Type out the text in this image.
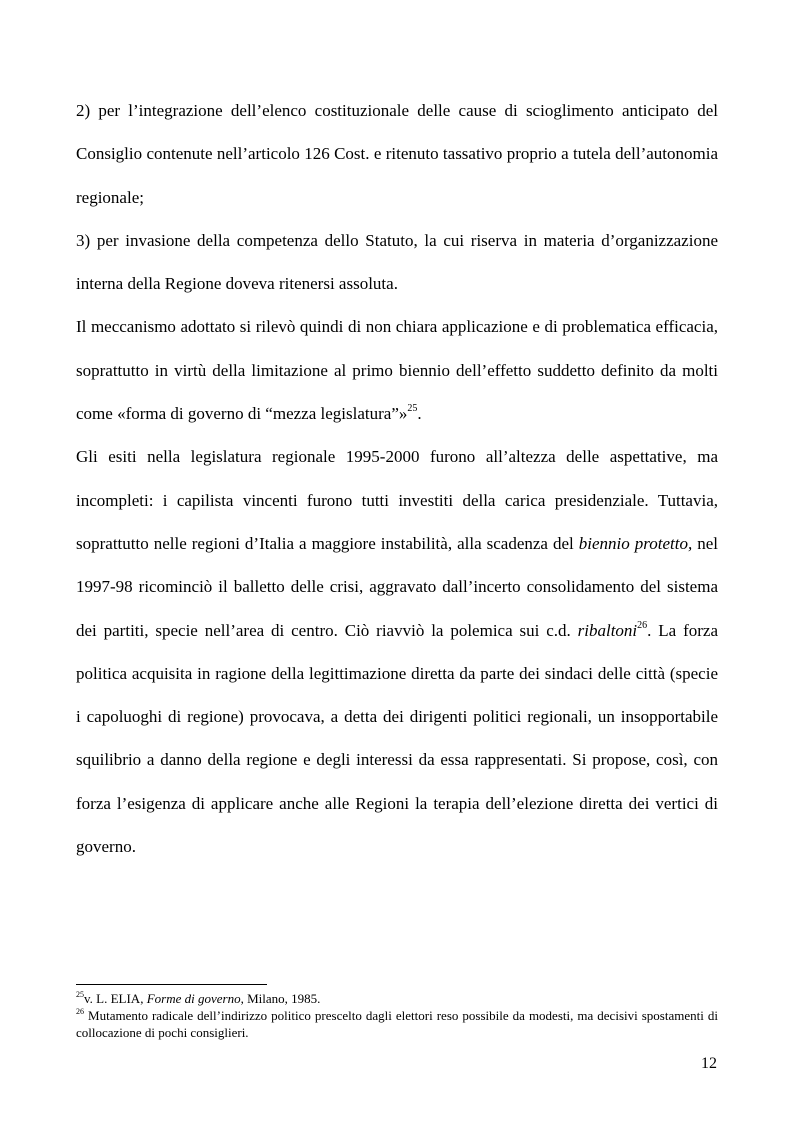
2) per l’integrazione dell’elenco costituzionale delle cause di scioglimento anticipato del Consiglio contenute nell’articolo 126 Cost. e ritenuto tassativo proprio a tutela dell’autonomia regionale;

3) per invasione della competenza dello Statuto, la cui riserva in materia d’organizzazione interna della Regione doveva ritenersi assoluta.

Il meccanismo adottato si rilevò quindi di non chiara applicazione e di problematica efficacia, soprattutto in virtù della limitazione al primo biennio dell’effetto suddetto definito da molti come «forma di governo di “mezza legislatura”»$^{25}$.

Gli esiti nella legislatura regionale 1995-2000 furono all’altezza delle aspettative, ma incompleti: i capilista vincenti furono tutti investiti della carica presidenziale. Tuttavia, soprattutto nelle regioni d’Italia a maggiore instabilità, alla scadenza del biennio protetto, nel 1997-98 ricominciò il balletto delle crisi, aggravato dall’incerto consolidamento del sistema dei partiti, specie nell’area di centro. Ciò riavviò la polemica sui c.d. ribaltoni$^{26}$. La forza politica acquisita in ragione della legittimazione diretta da parte dei sindaci delle città (specie i capoluoghi di regione) provocava, a detta dei dirigenti politici regionali, un insopportabile squilibrio a danno della regione e degli interessi da essa rappresentati. Si propose, così, con forza l’esigenza di applicare anche alle Regioni la terapia dell’elezione diretta dei vertici di governo.

$^{25}$v. L. ELIA, Forme di governo, Milano, 1985.

$^{26}$ Mutamento radicale dell’indirizzo politico prescelto dagli elettori reso possibile da modesti, ma decisivi spostamenti di collocazione di pochi consiglieri.

12
